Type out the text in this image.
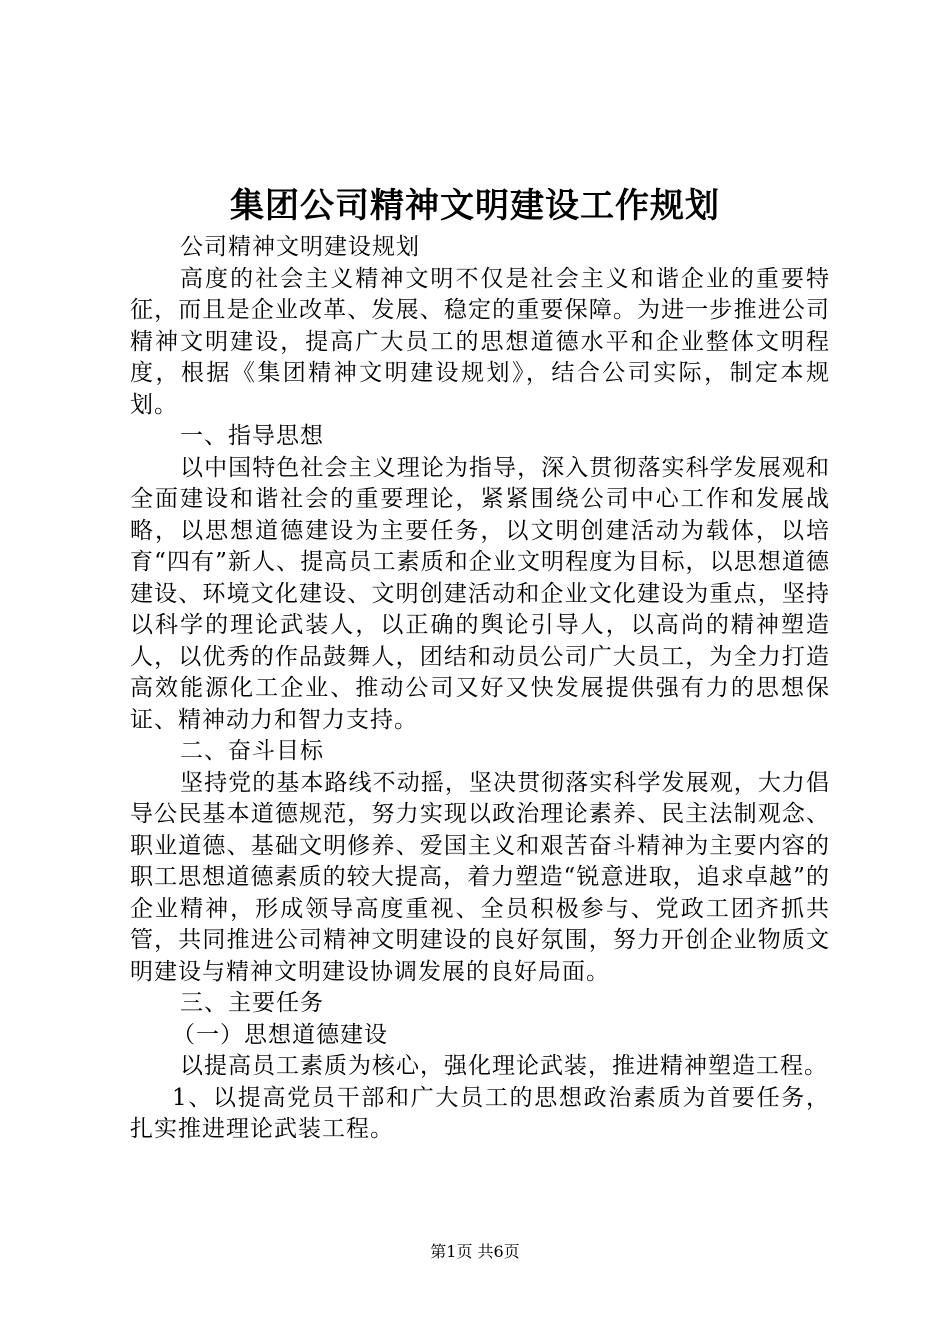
集团公司精神文明建设工作规划

公司精神文明建设规划

高度的社会主义精神文明不仅是社会主义和谐企业的重要特征，而且是企业改革、发展、稳定的重要保障。为进一步推进公司精神文明建设，提高广大员工的思想道德水平和企业整体文明程度，根据《集团精神文明建设规划》，结合公司实际，制定本规划。

一、指导思想

以中国特色社会主义理论为指导，深入贯彻落实科学发展观和全面建设和谐社会的重要理论，紧紧围绕公司中心工作和发展战略，以思想道德建设为主要任务，以文明创建活动为载体，以培育“四有”新人、提高员工素质和企业文明程度为目标，以思想道德建设、环境文化建设、文明创建活动和企业文化建设为重点，坚持以科学的理论武装人，以正确的舆论引导人，以高尚的精神塑造人，以优秀的作品鼓舞人，团结和动员公司广大员工，为全力打造高效能源化工企业、推动公司又好又快发展提供强有力的思想保证、精神动力和智力支持。

二、奋斗目标

坚持党的基本路线不动摇，坚决贯彻落实科学发展观，大力倡导公民基本道德规范，努力实现以政治理论素养、民主法制观念、职业道德、基础文明修养、爱国主义和艰苦奋斗精神为主要内容的职工思想道德素质的较大提高，着力塑造“锐意进取，追求卓越”的企业精神，形成领导高度重视、全员积极参与、党政工团齐抓共管，共同推进公司精神文明建设的良好氛围，努力开创企业物质文明建设与精神文明建设协调发展的良好局面。

三、主要任务

（一）思想道德建设

以提高员工素质为核心，强化理论武装，推进精神塑造工程。

1、以提高党员干部和广大员工的思想政治素质为首要任务，扎实推进理论武装工程。

第1页 共6页
